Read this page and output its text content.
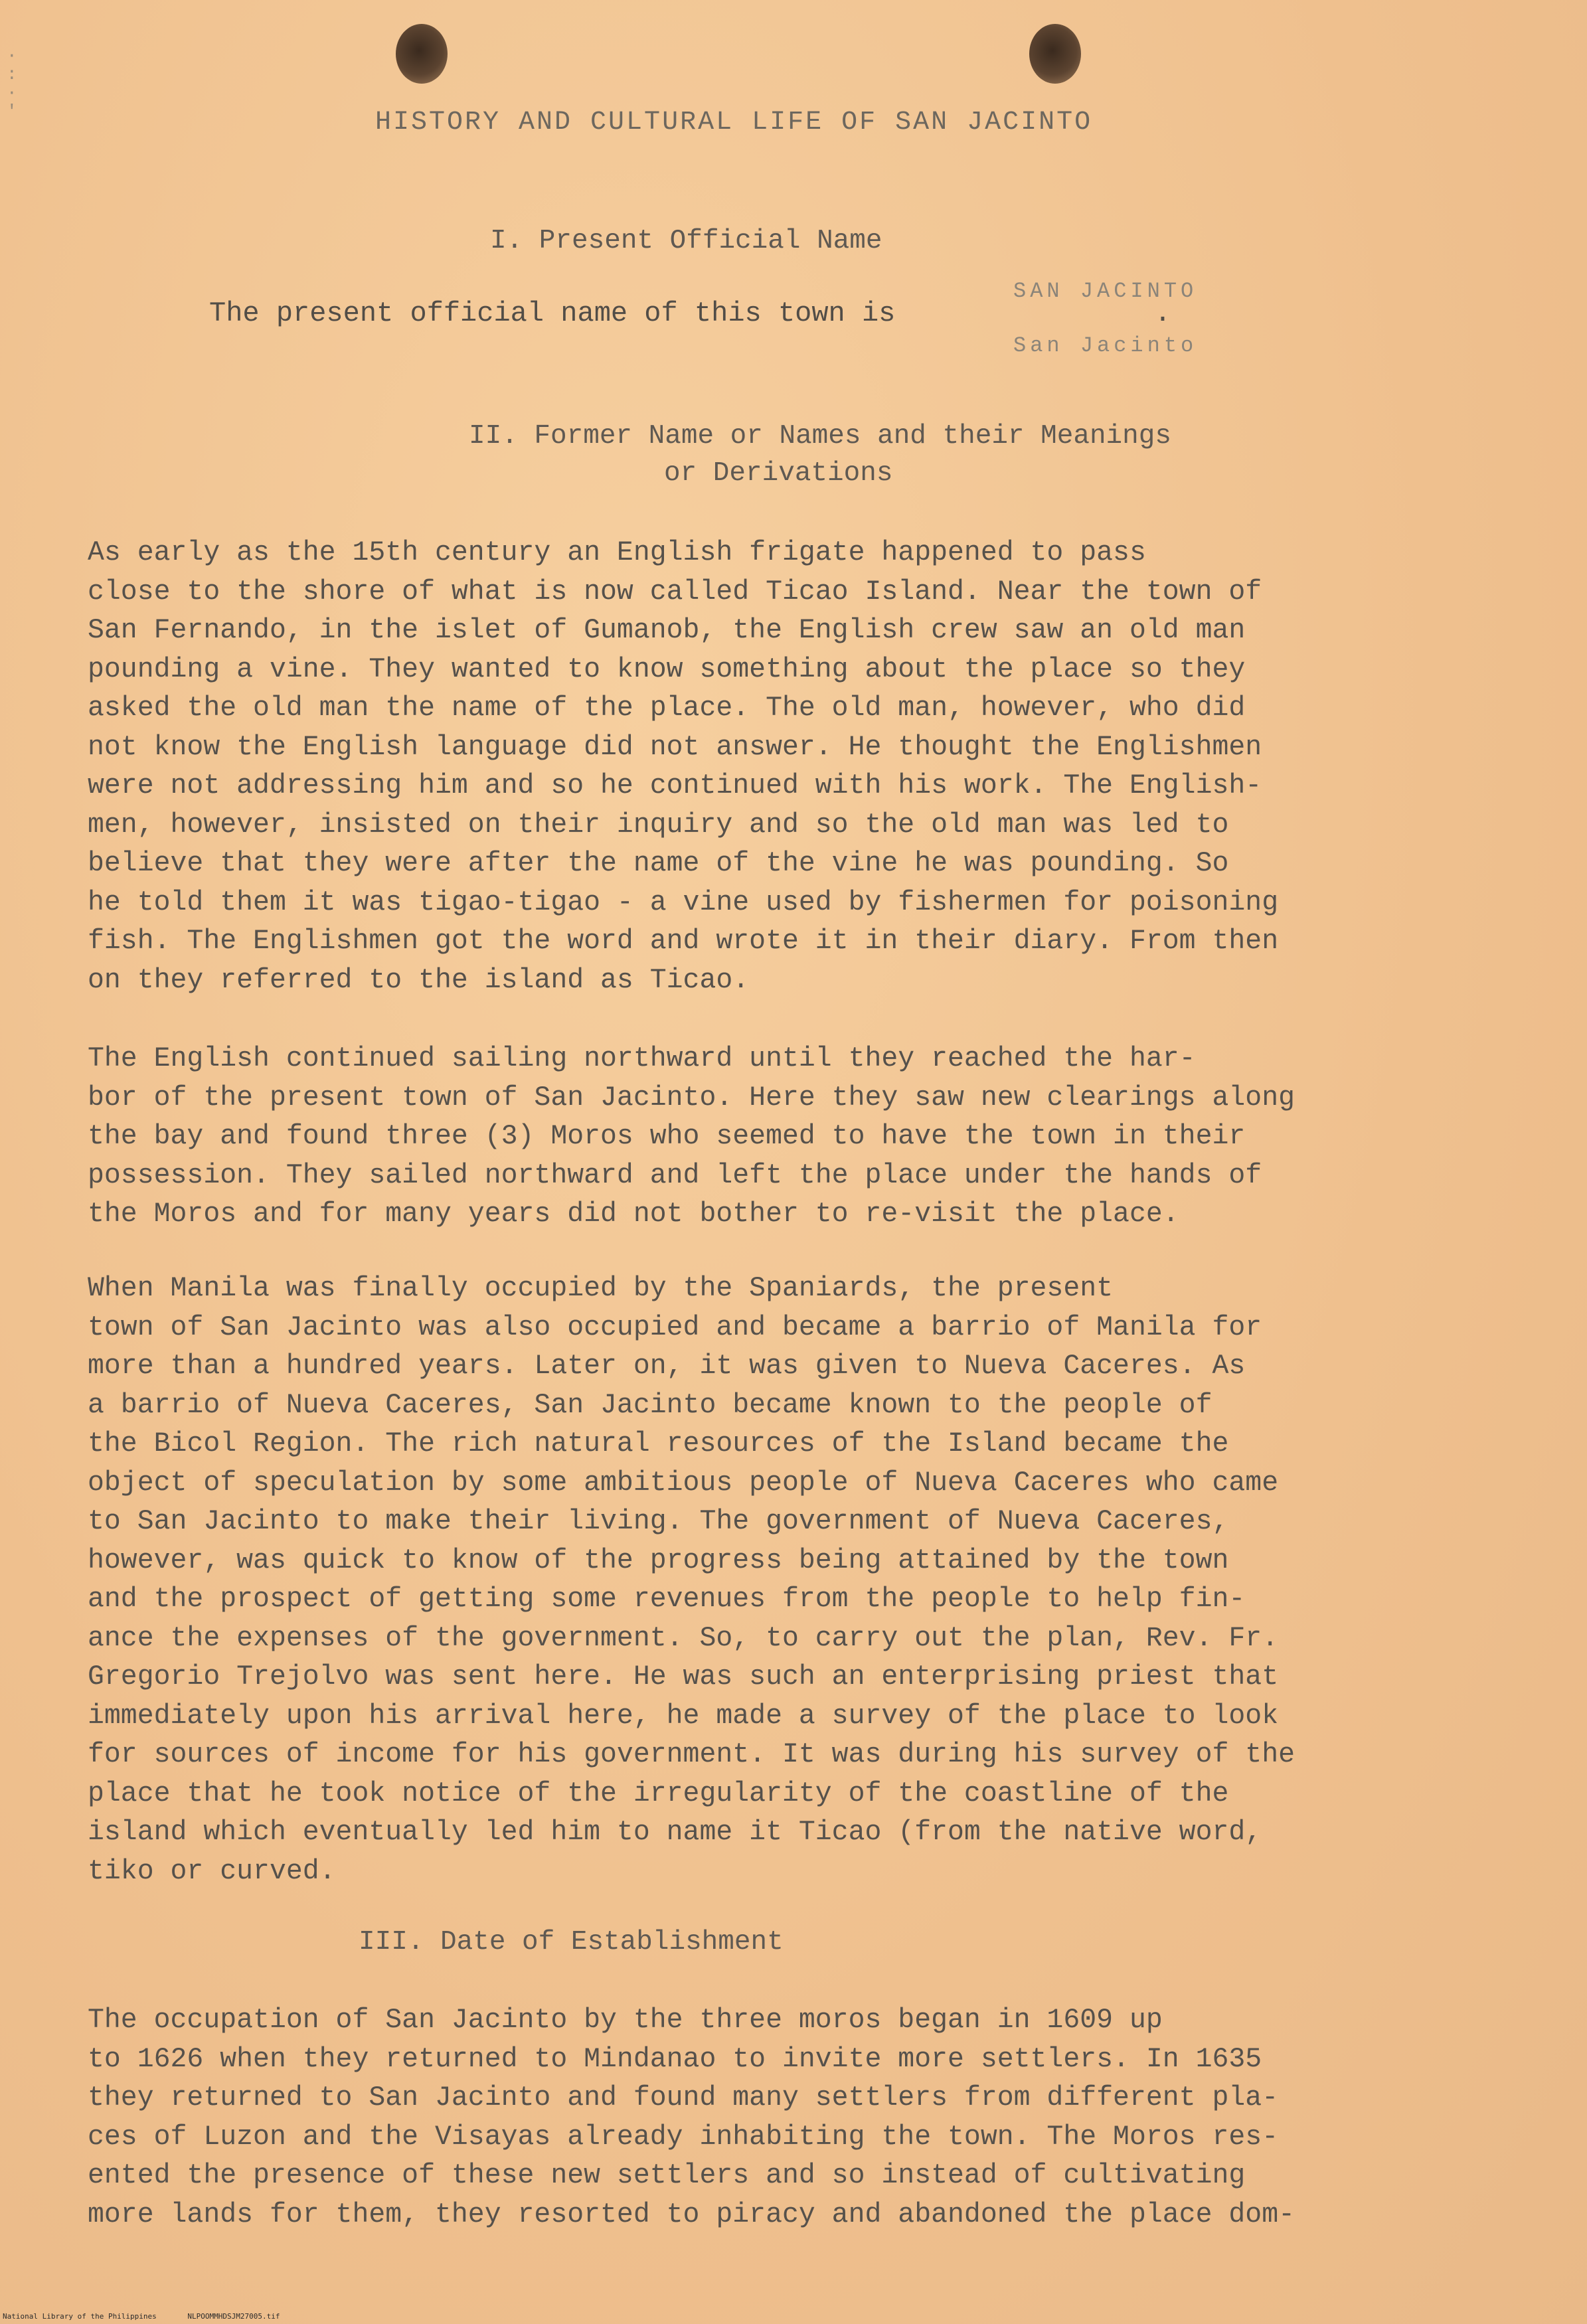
·
:
·
'	HISTORY AND CULTURAL LIFE OF SAN JACINTO
I. Present Official Name
SAN JACINTO
The present official name of this town is	.
San Jacinto
II. Former Name or Names and their Meanings
or Derivations

As early as the 15th century an English frigate happened to pass
close to the shore of what is now called Ticao Island. Near the town of
San Fernando, in the islet of Gumanob, the English crew saw an old man
pounding a vine. They wanted to know something about the place so they
asked the old man the name of the place. The old man, however, who did
not know the English language did not answer. He thought the Englishmen
were not addressing him and so he continued with his work. The English-
men, however, insisted on their inquiry and so the old man was led to
believe that they were after the name of the vine he was pounding. So
he told them it was tigao-tigao - a vine used by fishermen for poisoning
fish. The Englishmen got the word and wrote it in their diary. From then
on they referred to the island as Ticao.

The English continued sailing northward until they reached the har-
bor of the present town of San Jacinto. Here they saw new clearings along
the bay and found three (3) Moros who seemed to have the town in their
possession. They sailed northward and left the place under the hands of
the Moros and for many years did not bother to re-visit the place.

When Manila was finally occupied by the Spaniards, the present
town of San Jacinto was also occupied and became a barrio of Manila for
more than a hundred years. Later on, it was given to Nueva Caceres. As
a barrio of Nueva Caceres, San Jacinto became known to the people of
the Bicol Region. The rich natural resources of the Island became the
object of speculation by some ambitious people of Nueva Caceres who came
to San Jacinto to make their living. The government of Nueva Caceres,
however, was quick to know of the progress being attained by the town
and the prospect of getting some revenues from the people to help fin-
ance the expenses of the government. So, to carry out the plan, Rev. Fr.
Gregorio Trejolvo was sent here. He was such an enterprising priest that
immediately upon his arrival here, he made a survey of the place to look
for sources of income for his government. It was during his survey of the
place that he took notice of the irregularity of the coastline of the
island which eventually led him to name it Ticao (from the native word,
tiko or curved.

III. Date of Establishment

The occupation of San Jacinto by the three moros began in 1609 up
to 1626 when they returned to Mindanao to invite more settlers. In 1635
they returned to San Jacinto and found many settlers from different pla-
ces of Luzon and the Visayas already inhabiting the town. The Moros res-
ented the presence of these new settlers and so instead of cultivating
more lands for them, they resorted to piracy and abandoned the place dom-

National Library of the Philippines	NLPOOMMHDSJM27005.tif
